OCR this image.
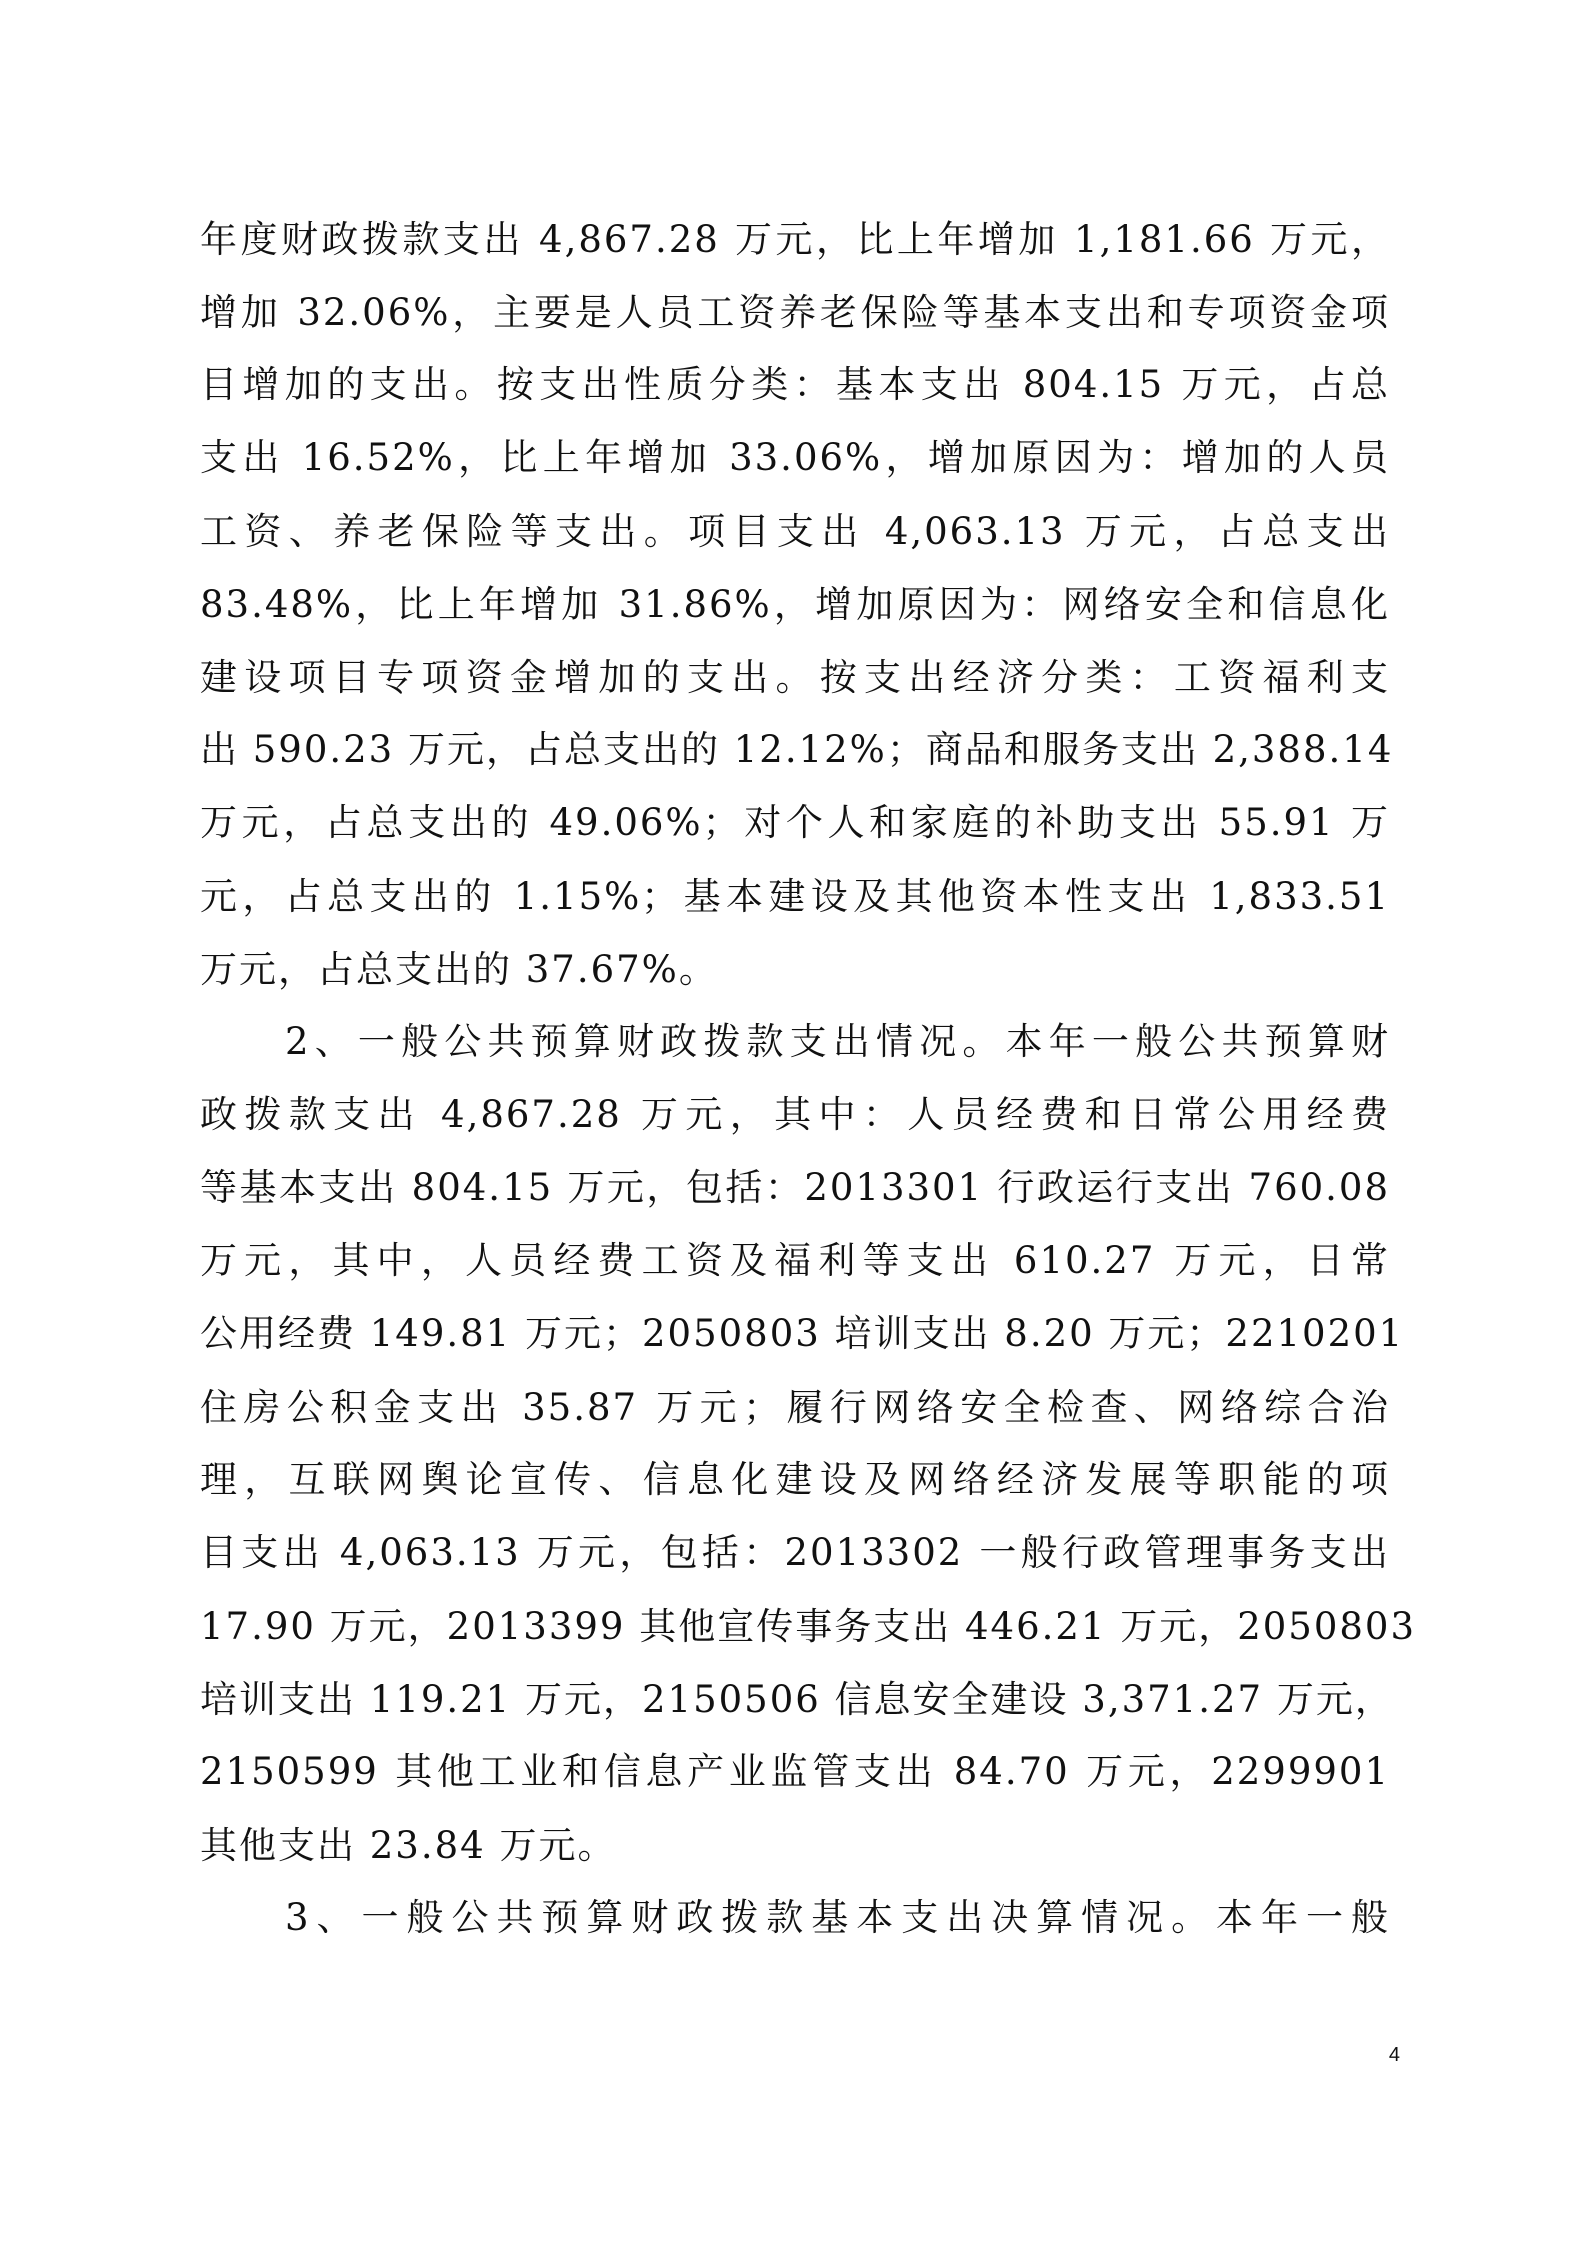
年度财政拨款支出 4,867.28 万元，比上年增加 1,181.66 万元，
增加 32.06%，主要是人员工资养老保险等基本支出和专项资金项
目增加的支出。按支出性质分类：基本支出 804.15 万元，占总
支出 16.52%，比上年增加 33.06%，增加原因为：增加的人员
工资、养老保险等支出。项目支出 4,063.13 万元，占总支出
83.48%，比上年增加 31.86%，增加原因为：网络安全和信息化
建设项目专项资金增加的支出。按支出经济分类：工资福利支
出 590.23 万元，占总支出的 12.12%；商品和服务支出 2,388.14
万元，占总支出的 49.06%；对个人和家庭的补助支出 55.91 万
元，占总支出的 1.15%；基本建设及其他资本性支出 1,833.51
万元，占总支出的 37.67%。
2、一般公共预算财政拨款支出情况。本年一般公共预算财
政拨款支出 4,867.28 万元，其中：人员经费和日常公用经费
等基本支出 804.15 万元，包括：2013301 行政运行支出 760.08
万元，其中，人员经费工资及福利等支出 610.27 万元，日常
公用经费 149.81 万元；2050803 培训支出 8.20 万元；2210201
住房公积金支出 35.87 万元；履行网络安全检查、网络综合治
理，互联网舆论宣传、信息化建设及网络经济发展等职能的项
目支出 4,063.13 万元，包括：2013302 一般行政管理事务支出
17.90 万元，2013399 其他宣传事务支出 446.21 万元，2050803
培训支出 119.21 万元，2150506 信息安全建设 3,371.27 万元，
2150599 其他工业和信息产业监管支出 84.70 万元，2299901
其他支出 23.84 万元。
3、一般公共预算财政拨款基本支出决算情况。本年一般
4
